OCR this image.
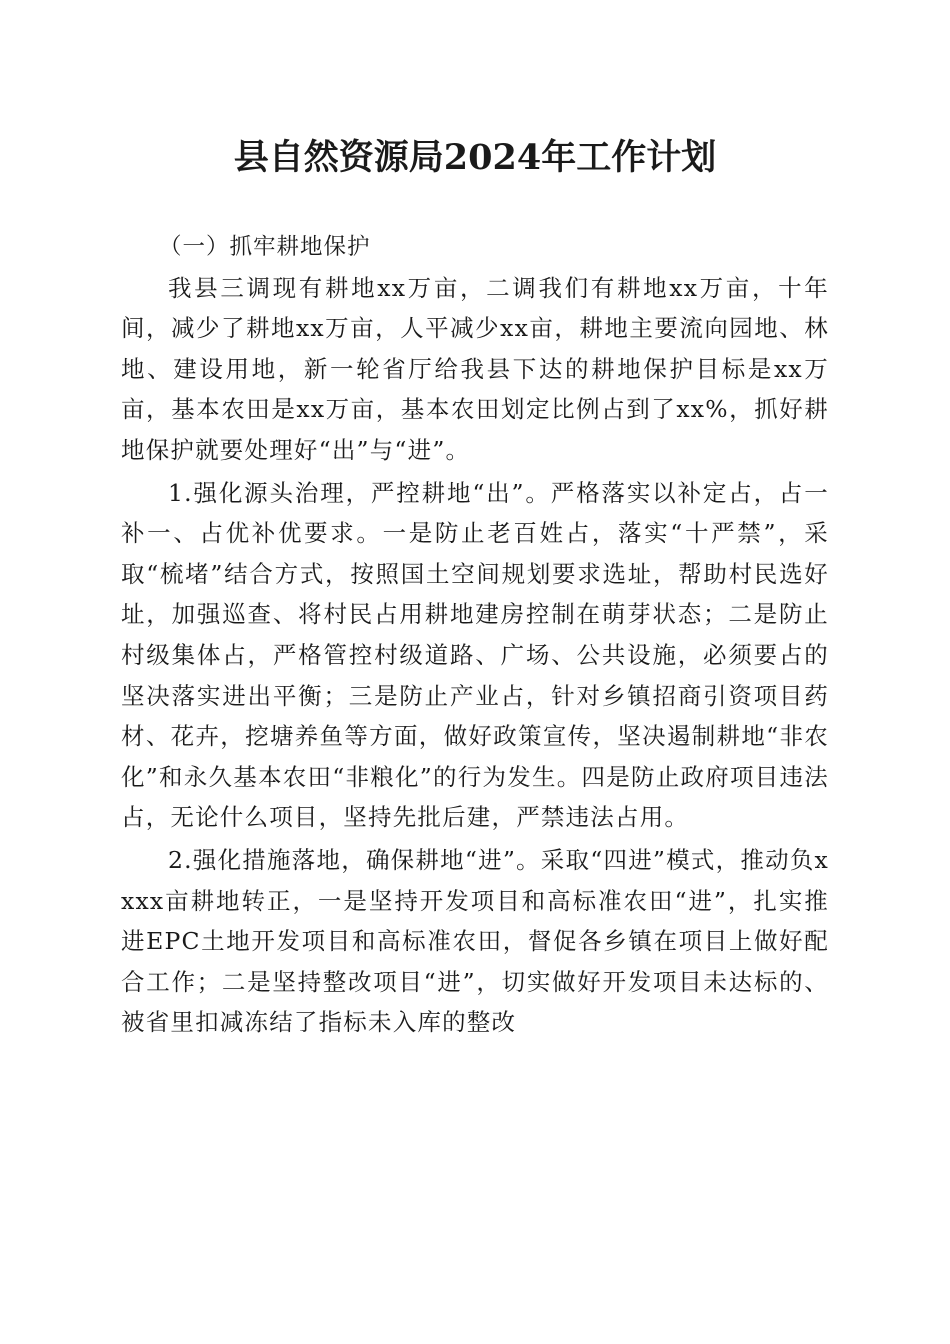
县自然资源局2024年工作计划
（一）抓牢耕地保护

我县三调现有耕地xx万亩，二调我们有耕地xx万亩，十年间，减少了耕地xx万亩，人平减少xx亩，耕地主要流向园地、林地、建设用地，新一轮省厅给我县下达的耕地保护目标是xx万亩，基本农田是xx万亩，基本农田划定比例占到了xx%，抓好耕地保护就要处理好“出”与“进”。

1.强化源头治理，严控耕地“出”。严格落实以补定占，占一补一、占优补优要求。一是防止老百姓占，落实“十严禁”，采取“梳堵”结合方式，按照国土空间规划要求选址，帮助村民选好址，加强巡查、将村民占用耕地建房控制在萌芽状态；二是防止村级集体占，严格管控村级道路、广场、公共设施，必须要占的坚决落实进出平衡；三是防止产业占，针对乡镇招商引资项目药材、花卉，挖塘养鱼等方面，做好政策宣传，坚决遏制耕地“非农化”和永久基本农田“非粮化”的行为发生。四是防止政府项目违法占，无论什么项目，坚持先批后建，严禁违法占用。

2.强化措施落地，确保耕地“进”。采取“四进”模式，推动负xxxx亩耕地转正，一是坚持开发项目和高标准农田“进”，扎实推进EPC土地开发项目和高标准农田，督促各乡镇在项目上做好配合工作；二是坚持整改项目“进”，切实做好开发项目未达标的、被省里扣减冻结了指标未入库的整改
